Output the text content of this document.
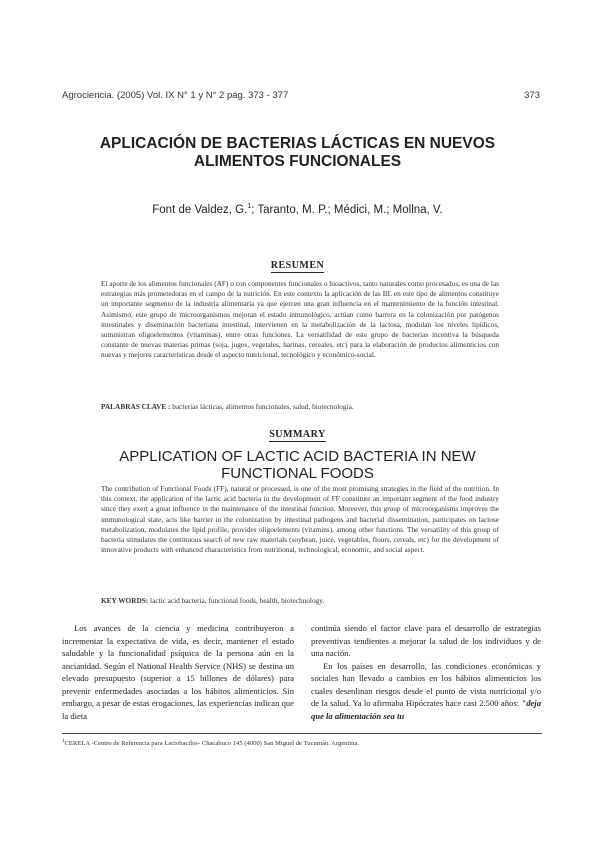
Agrociencia. (2005) Vol. IX N° 1 y N° 2 pág. 373 - 377	373
APLICACIÓN DE BACTERIAS LÁCTICAS EN NUEVOS
ALIMENTOS FUNCIONALES
Font de Valdez, G.$^1$; Taranto, M. P.; Médici, M.; Mollna, V.
RESUMEN
El aporte de los alimentos funcionales (AF) o con componentes funcionales o bioactivos, tanto naturales como procesados, es una de las estrategias más prometedoras en el campo de la nutrición. En este contexto la aplicación de las BL en este tipo de alimentos constituye un importante segmento de la industria alimentaria ya que ejercen una gran influencia en el mantenimiento de la función intestinal. Asimismo, este grupo de microorganismos mejoran el estado inmunológico, actúan como barrera en la colonización por patógenos intestinales y diseminación bacteriana intestinal, intervienen en la metabolización de la lactosa, modulan los niveles lipídicos, suministran oligoelementos (vitaminas), entre otras funciones. La versatilidad de este grupo de bacterias incentiva la búsqueda constante de nuevas materias primas (soja, jugos, vegetales, harinas, cereales, etc) para la elaboración de productos alimenticios con nuevas y mejores características desde el aspecto nutricional, tecnológico y económico-social.
PALABRAS CLAVE : bacterias lácticas, alimentos funcionales, salud, biotecnología.
SUMMARY
APPLICATION OF LACTIC ACID BACTERIA IN NEW
FUNCTIONAL FOODS
The contribution of Functional Foods (FF), natural or processed, is one of the most promising strategies in the field of the nutrition. In this context, the application of the lactic acid bacteria in the development of FF constitute an important segment of the food industry since they exert a great influence in the maintenance of the intestinal function. Moreover, this group of microorganisms improves the immunological state, acts like barrier in the colonization by intestinal pathogens and bacterial dissemination, participates on lactose metabolization, modulates the lipid profile, provides oligoelements (vitamins), among other functions. The versatility of this group of bacteria stimulates the continuous search of new raw materials (soybean, juice, vegetables, flours, cereals, etc) for the development of innovative products with enhanced characteristics from nutritional, technological, economic, and social aspect.
KEY WORDS: lactic acid bacteria, functional foods, health, biotechnology.

Los avances de la ciencia y medicina contribuyeron a incrementar la expectativa de vida, es decir, mantener el estado saludable y la funcionalidad psíquica de la persona aún en la ancianidad. Según el National Health Service (NHS) se destina un elevado presupuesto (superior a 15 billones de dólares) para prevenir enfermedades asociadas a los hábitos alimenticios. Sin embargo, a pesar de estas erogaciones, las experiencias indican que la dieta

continúa siendo el factor clave para el desarrollo de estrategias preventivas tendientes a mejorar la salud de los individuos y de una nación.

En los países en desarrollo, las condiciones económicas y sociales han llevado a cambios en los hábitos alimenticios los cuales desenlinan riesgos desde el punto de vista nutricional y/o de la salud. Ya lo afirmaba Hipócrates hace casi 2.500 años: "deja que la alimentación sea tu

$^1$CERELA -Centro de Referencia para Lactobacilos- Chacabuco 145 (4000) San Miguel de Tucumán. Argentina.
